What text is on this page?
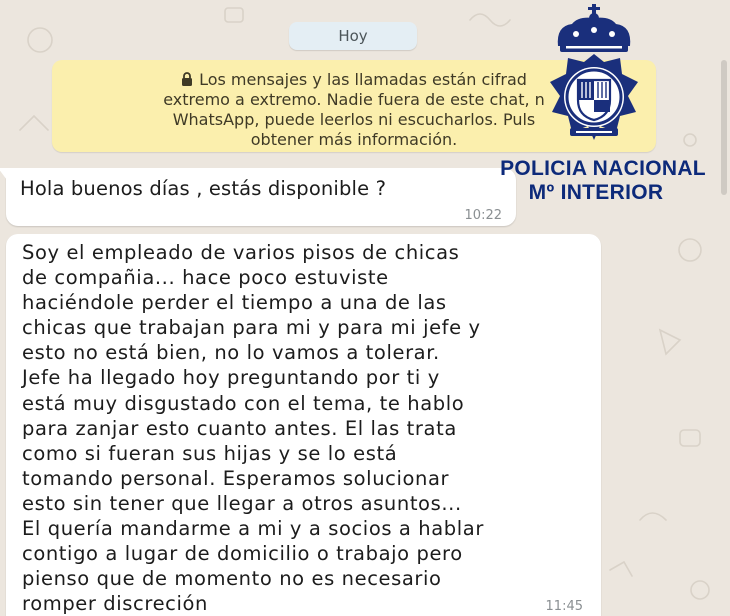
Hoy
Los mensajes y las llamadas están cifrad
extremo a extremo. Nadie fuera de este chat, n
WhatsApp, puede leerlos ni escucharlos. Puls
obtener más información.
Hola buenos días , estás disponible ?
10:22
Soy el empleado de varios pisos de chicas
de compañia... hace poco estuviste
haciéndole perder el tiempo a una de las
chicas que trabajan para mi y para mi jefe y
esto no está bien, no lo vamos a tolerar.
Jefe ha llegado hoy preguntando por ti y
está muy disgustado con el tema, te hablo
para zanjar esto cuanto antes. El las trata
como si fueran sus hijas y se lo está
tomando personal. Esperamos solucionar
esto sin tener que llegar a otros asuntos...
El quería mandarme a mi y a socios a hablar
contigo a lugar de domicilio o trabajo pero
pienso que de momento no es necesario
romper discreción	11:45
POLICIA NACIONAL
Mº INTERIOR
